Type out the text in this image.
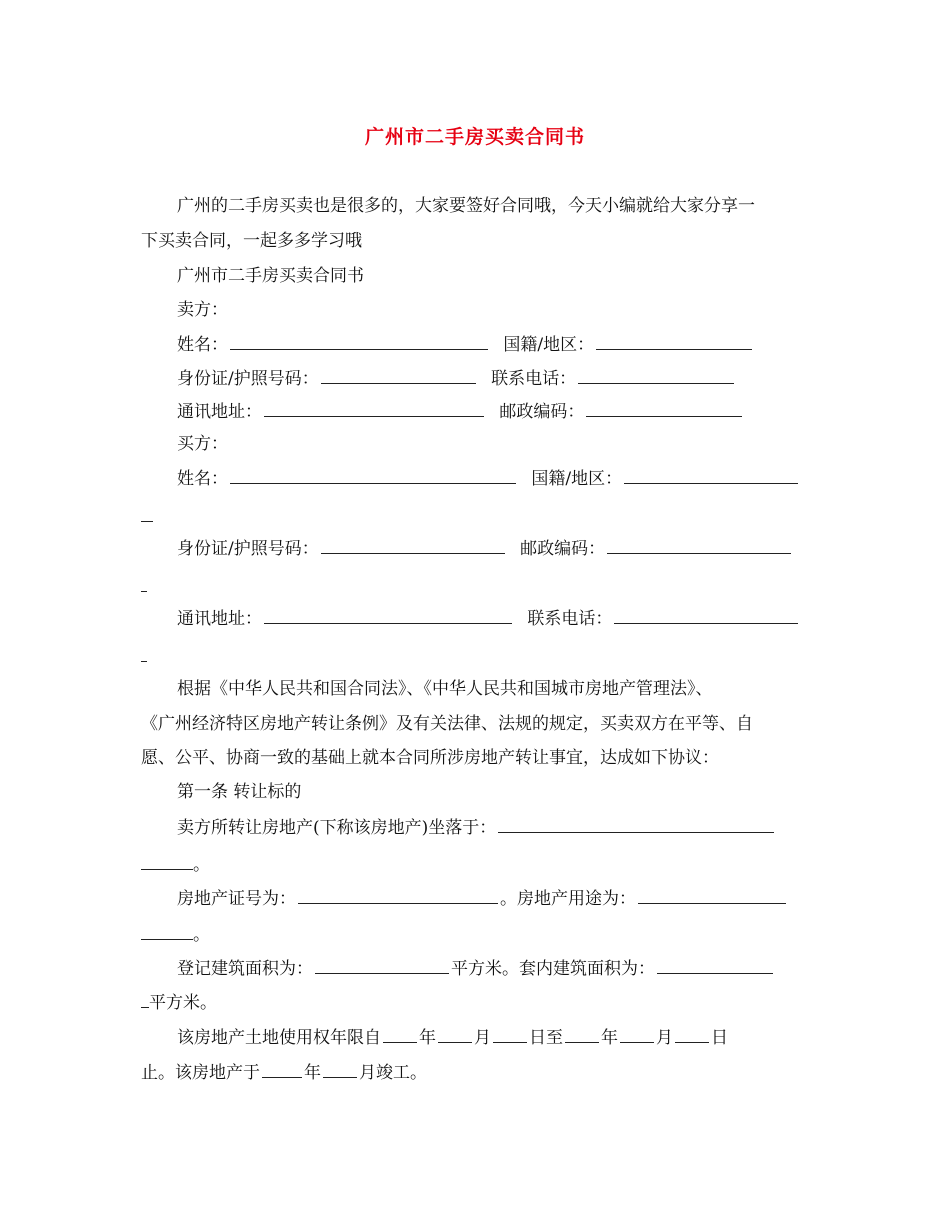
广州市二手房买卖合同书
广州的二手房买卖也是很多的，大家要签好合同哦，今天小编就给大家分享一
下买卖合同，一起多多学习哦
广州市二手房买卖合同书
卖方：
姓名：	国籍/地区：
身份证/护照号码：	联系电话：
通讯地址：	邮政编码：
买方：
姓名：	国籍/地区：
身份证/护照号码：	邮政编码：
通讯地址：	联系电话：
根据《中华人民共和国合同法》、《中华人民共和国城市房地产管理法》、
《广州经济特区房地产转让条例》及有关法律、法规的规定，买卖双方在平等、自
愿、公平、协商一致的基础上就本合同所涉房地产转让事宜，达成如下协议：
第一条 转让标的
卖方所转让房地产(下称该房地产)坐落于：
。
房地产证号为：	。房地产用途为：
。
登记建筑面积为：	平方米。套内建筑面积为：
平方米。
该房地产土地使用权年限自 年 月 日至 年 月 日
止。该房地产于	年 月竣工。
